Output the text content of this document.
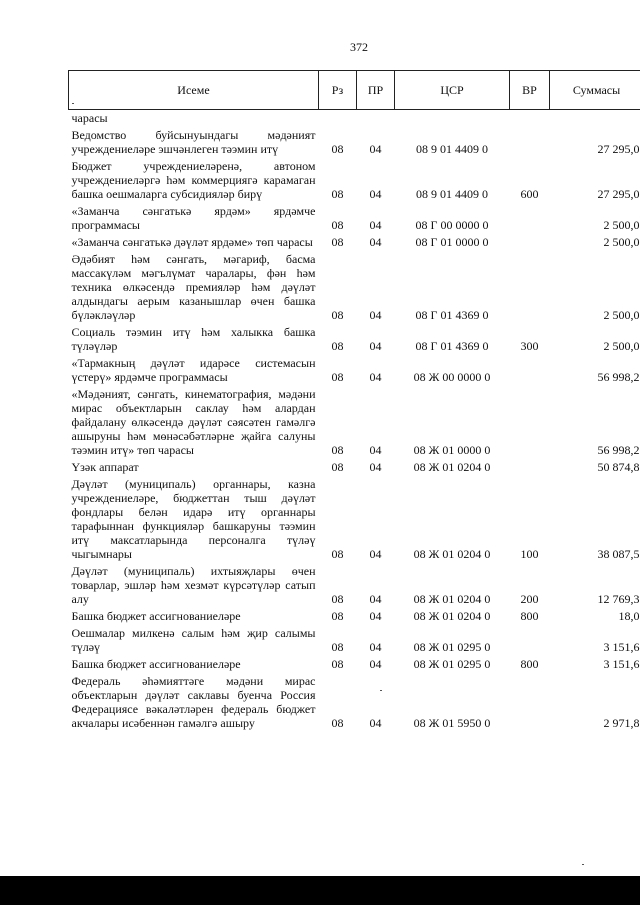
372
Исеме	Рз	ПР	ЦСР	ВР	Суммасы
чарасы					
Ведомство буйсынуындагы мәдәният учреждениеләре эшчәнлеген тәэмин итү	08	04	08 9 01 4409 0		27 295,0
Бюджет учреждениеләренә, автоном учреждениеләргә һәм коммерциягә карамаган башка оешмаларга субсидияләр бирү	08	04	08 9 01 4409 0	600	27 295,0
«Заманча сәнгатькә ярдәм» ярдәмче программасы	08	04	08 Г 00 0000 0		2 500,0
«Заманча сәнгатькә дәүләт ярдәме» төп чарасы	08	04	08 Г 01 0000 0		2 500,0
Әдәбият һәм сәнгать, мәгариф, басма массакүләм мәгълүмат чаралары, фән һәм техника өлкәсендә премияләр һәм дәүләт алдындагы аерым казанышлар өчен башка бүләкләүләр	08	04	08 Г 01 4369 0		2 500,0
Социаль тәэмин итү һәм халыкка башка түләүләр	08	04	08 Г 01 4369 0	300	2 500,0
«Тармакның дәүләт идарәсе системасын үстерү» ярдәмче программасы	08	04	08 Ж 00 0000 0		56 998,2
«Мәдәният, сәнгать, кинематография, мәдәни мирас объектларын саклау һәм алардан файдалану өлкәсендә дәүләт сәясәтен гамәлгә ашыруны һәм мөнәсәбәтләрне җайга салуны тәэмин итү» төп чарасы	08	04	08 Ж 01 0000 0		56 998,2
Үзәк аппарат	08	04	08 Ж 01 0204 0		50 874,8
Дәүләт (муниципаль) органнары, казна учреждениеләре, бюджеттан тыш дәүләт фондлары белән идарә итү органнары тарафыннан функцияләр башкаруны тәэмин итү максатларында персоналга түләү чыгымнары	08	04	08 Ж 01 0204 0	100	38 087,5
Дәүләт (муниципаль) ихтыяҗлары өчен товарлар, эшләр һәм хезмәт күрсәтүләр сатып алу	08	04	08 Ж 01 0204 0	200	12 769,3
Башка бюджет ассигнованиеләре	08	04	08 Ж 01 0204 0	800	18,0
Оешмалар милкенә салым һәм җир салымы түләү	08	04	08 Ж 01 0295 0		3 151,6
Башка бюджет ассигнованиеләре	08	04	08 Ж 01 0295 0	800	3 151,6
Федераль әһәмияттәге мәдәни мирас объектларын дәүләт саклавы буенча Россия Федерациясе вәкаләтләрен федераль бюджет акчалары исәбеннән гамәлгә ашыру	08	04	08 Ж 01 5950 0		2 971,8
